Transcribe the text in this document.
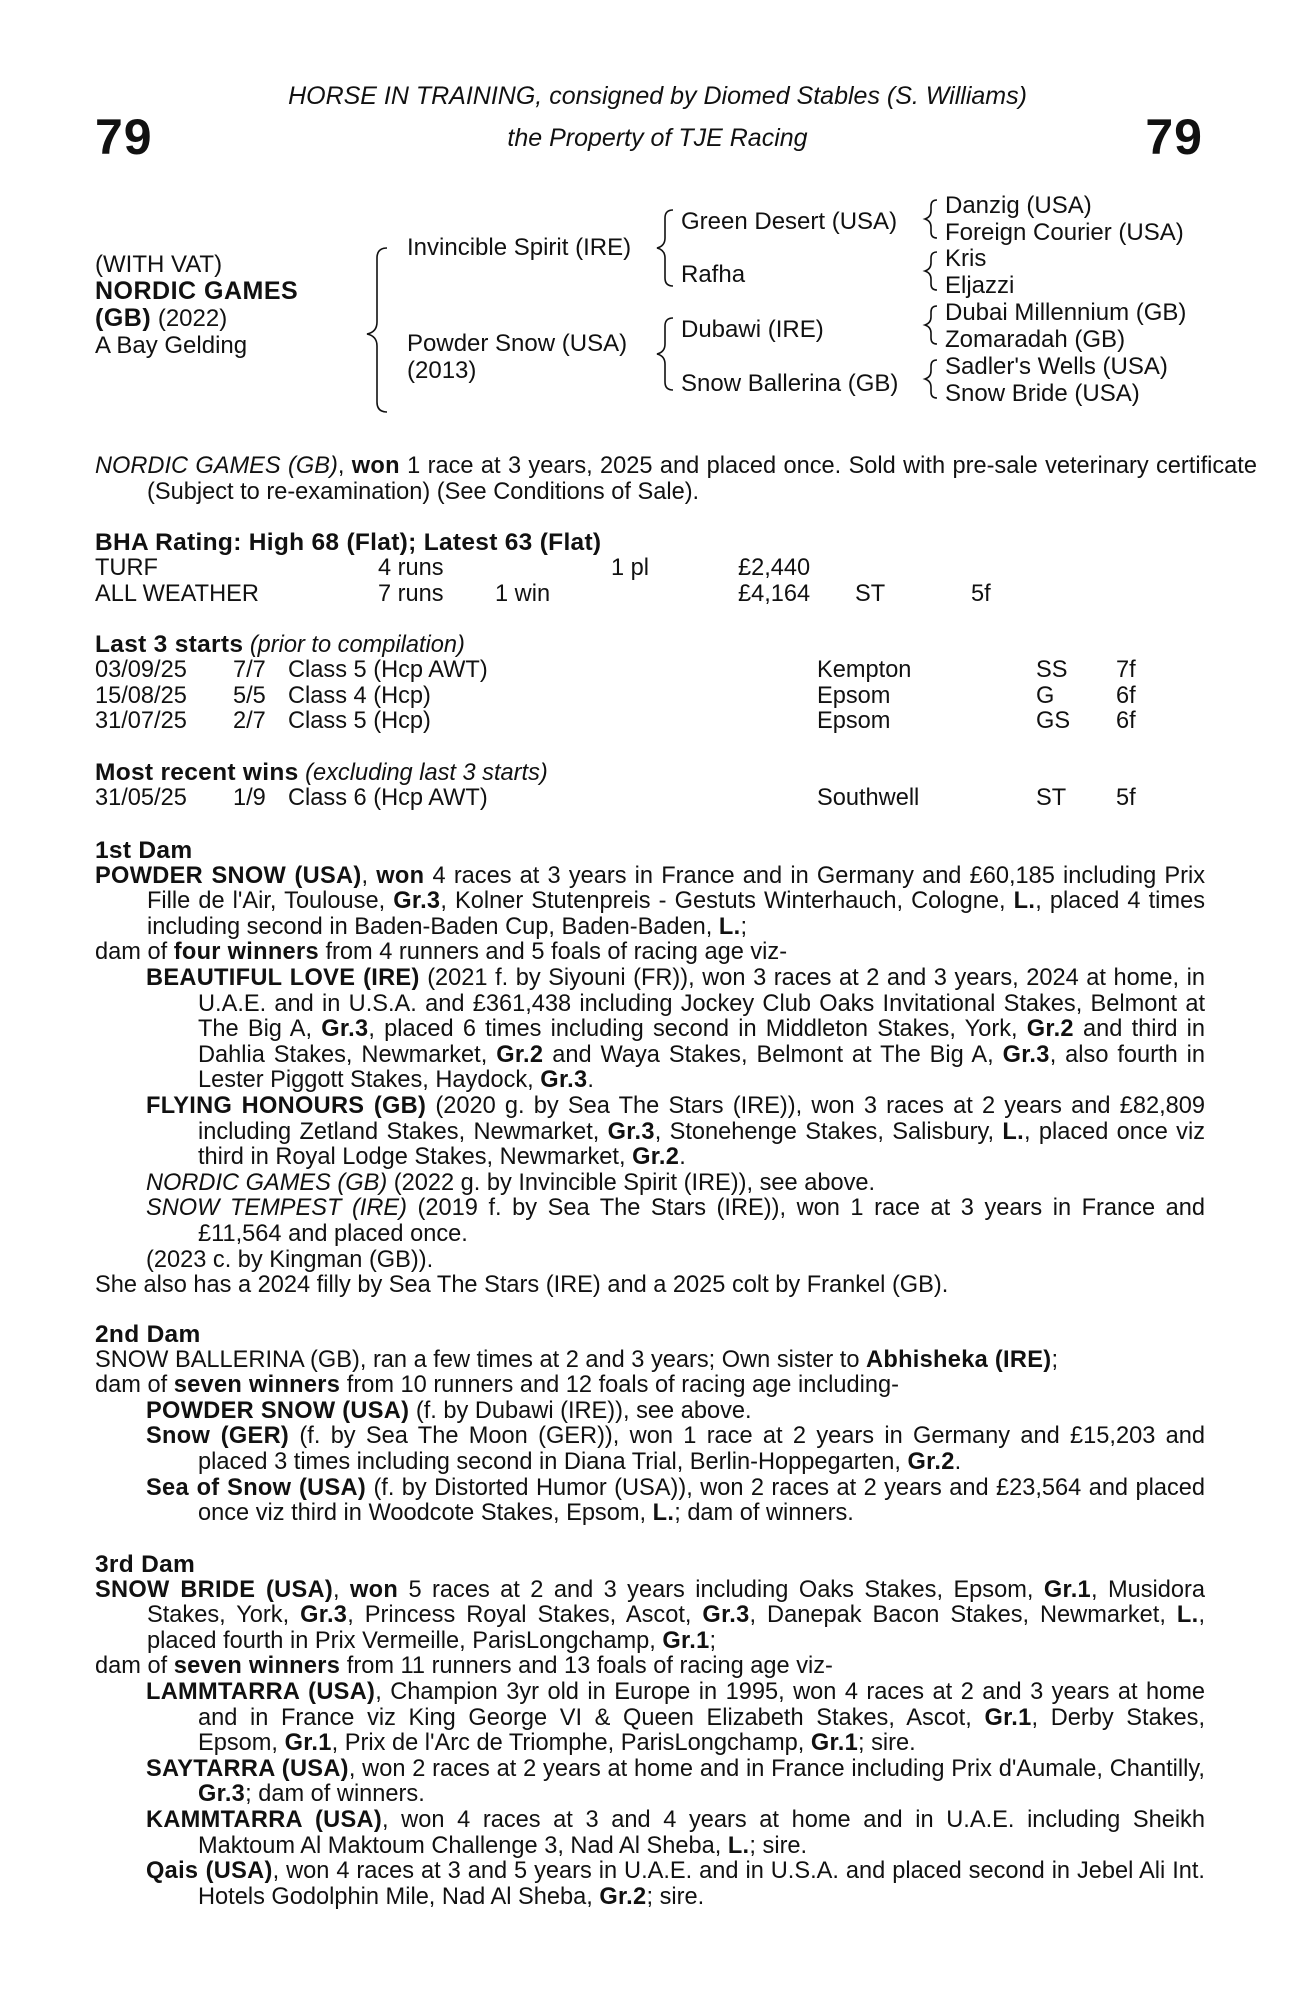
79	79
HORSE IN TRAINING, consigned by Diomed Stables (S. Williams)
the Property of TJE Racing
(WITH VAT)
NORDIC GAMES
(GB) (2022)
A Bay Gelding
Invincible Spirit (IRE)
Powder Snow (USA)
(2013)
Green Desert (USA)
Rafha
Dubawi (IRE)
Snow Ballerina (GB)
Danzig (USA)
Foreign Courier (USA)
Kris
Eljazzi
Dubai Millennium (GB)
Zomaradah (GB)
Sadler's Wells (USA)
Snow Bride (USA)
NORDIC GAMES (GB), won 1 race at 3 years, 2025 and placed once. Sold with pre-sale veterinary certificate (Subject to re-examination) (See Conditions of Sale).
BHA Rating: High 68 (Flat); Latest 63 (Flat)
TURF	4 runs	1 pl	£2,440
ALL WEATHER	7 runs 1 win	£4,164 ST	5f
Last 3 starts (prior to compilation)
03/09/25 7/7 Class 5 (Hcp AWT)	Kempton	SS 7f
15/08/25 5/5 Class 4 (Hcp)	Epsom	G	6f
31/07/25 2/7 Class 5 (Hcp)	Epsom	GS 6f
Most recent wins (excluding last 3 starts)
31/05/25 1/9 Class 6 (Hcp AWT)	Southwell	ST 5f
1st Dam
POWDER SNOW (USA), won 4 races at 3 years in France and in Germany and £60,185 including Prix Fille de l'Air, Toulouse, Gr.3, Kolner Stutenpreis - Gestuts Winterhauch, Cologne, L., placed 4 times including second in Baden-Baden Cup, Baden-Baden, L.;
dam of four winners from 4 runners and 5 foals of racing age viz-
BEAUTIFUL LOVE (IRE) (2021 f. by Siyouni (FR)), won 3 races at 2 and 3 years, 2024 at home, in U.A.E. and in U.S.A. and £361,438 including Jockey Club Oaks Invitational Stakes, Belmont at The Big A, Gr.3, placed 6 times including second in Middleton Stakes, York, Gr.2 and third in Dahlia Stakes, Newmarket, Gr.2 and Waya Stakes, Belmont at The Big A, Gr.3, also fourth in Lester Piggott Stakes, Haydock, Gr.3.
FLYING HONOURS (GB) (2020 g. by Sea The Stars (IRE)), won 3 races at 2 years and £82,809 including Zetland Stakes, Newmarket, Gr.3, Stonehenge Stakes, Salisbury, L., placed once viz third in Royal Lodge Stakes, Newmarket, Gr.2.
NORDIC GAMES (GB) (2022 g. by Invincible Spirit (IRE)), see above.
SNOW TEMPEST (IRE) (2019 f. by Sea The Stars (IRE)), won 1 race at 3 years in France and £11,564 and placed once.
(2023 c. by Kingman (GB)).
She also has a 2024 filly by Sea The Stars (IRE) and a 2025 colt by Frankel (GB).
2nd Dam
SNOW BALLERINA (GB), ran a few times at 2 and 3 years; Own sister to Abhisheka (IRE);
dam of seven winners from 10 runners and 12 foals of racing age including-
POWDER SNOW (USA) (f. by Dubawi (IRE)), see above.
Snow (GER) (f. by Sea The Moon (GER)), won 1 race at 2 years in Germany and £15,203 and placed 3 times including second in Diana Trial, Berlin-Hoppegarten, Gr.2.
Sea of Snow (USA) (f. by Distorted Humor (USA)), won 2 races at 2 years and £23,564 and placed once viz third in Woodcote Stakes, Epsom, L.; dam of winners.
3rd Dam
SNOW BRIDE (USA), won 5 races at 2 and 3 years including Oaks Stakes, Epsom, Gr.1, Musidora Stakes, York, Gr.3, Princess Royal Stakes, Ascot, Gr.3, Danepak Bacon Stakes, Newmarket, L., placed fourth in Prix Vermeille, ParisLongchamp, Gr.1;
dam of seven winners from 11 runners and 13 foals of racing age viz-
LAMMTARRA (USA), Champion 3yr old in Europe in 1995, won 4 races at 2 and 3 years at home and in France viz King George VI & Queen Elizabeth Stakes, Ascot, Gr.1, Derby Stakes, Epsom, Gr.1, Prix de l'Arc de Triomphe, ParisLongchamp, Gr.1; sire.
SAYTARRA (USA), won 2 races at 2 years at home and in France including Prix d'Aumale, Chantilly, Gr.3; dam of winners.
KAMMTARRA (USA), won 4 races at 3 and 4 years at home and in U.A.E. including Sheikh Maktoum Al Maktoum Challenge 3, Nad Al Sheba, L.; sire.
Qais (USA), won 4 races at 3 and 5 years in U.A.E. and in U.S.A. and placed second in Jebel Ali Int. Hotels Godolphin Mile, Nad Al Sheba, Gr.2; sire.
